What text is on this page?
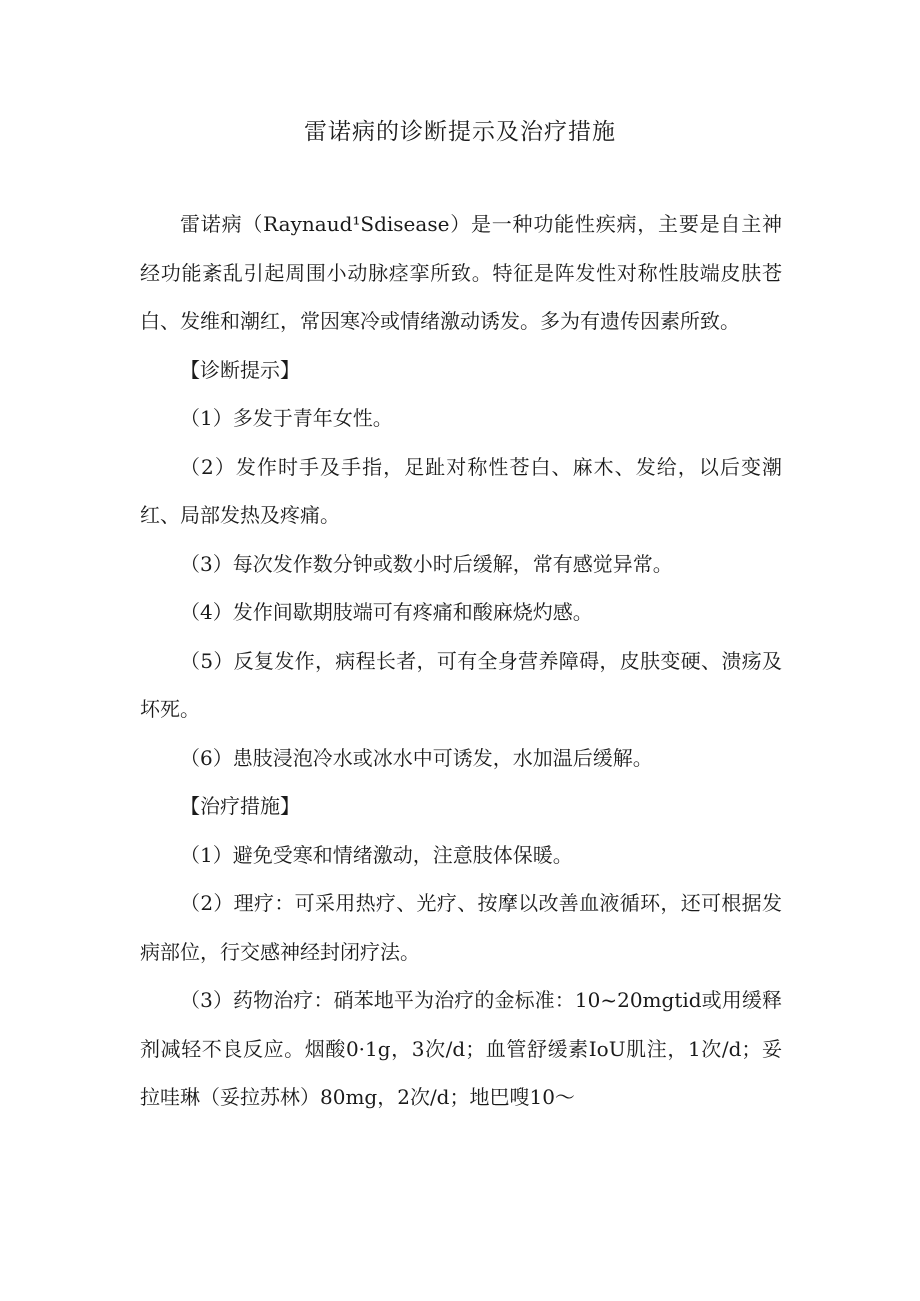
雷诺病的诊断提示及治疗措施

雷诺病（Raynaud¹Sdisease）是一种功能性疾病，主要是自主神经功能紊乱引起周围小动脉痉挛所致。特征是阵发性对称性肢端皮肤苍白、发维和潮红，常因寒冷或情绪激动诱发。多为有遗传因素所致。

【诊断提示】

（1）多发于青年女性。

（2）发作时手及手指，足趾对称性苍白、麻木、发给，以后变潮红、局部发热及疼痛。

（3）每次发作数分钟或数小时后缓解，常有感觉异常。

（4）发作间歇期肢端可有疼痛和酸麻烧灼感。

（5）反复发作，病程长者，可有全身营养障碍，皮肤变硬、溃疡及坏死。

（6）患肢浸泡冷水或冰水中可诱发，水加温后缓解。

【治疗措施】

（1）避免受寒和情绪激动，注意肢体保暖。

（2）理疗：可采用热疗、光疗、按摩以改善血液循环，还可根据发病部位，行交感神经封闭疗法。

（3）药物治疗：硝苯地平为治疗的金标准：10~20mgtid或用缓释剂减轻不良反应。烟酸0·1g，3次/d；血管舒缓素IoU肌注，1次/d；妥拉哇琳（妥拉苏林）80mg，2次/d；地巴嗖10～
